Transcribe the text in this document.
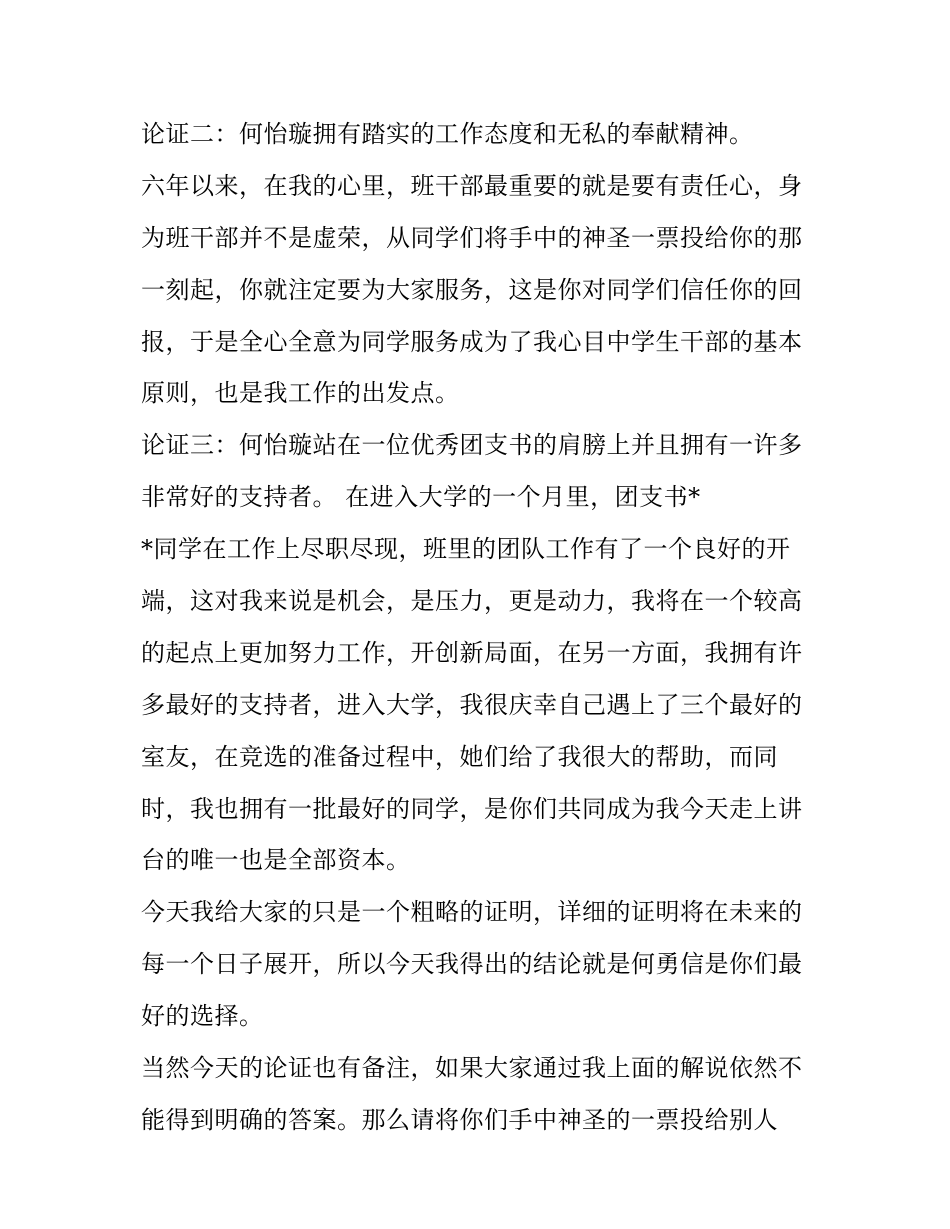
论证二：何怡璇拥有踏实的工作态度和无私的奉献精神。
六年以来，在我的心里，班干部最重要的就是要有责任心，身
为班干部并不是虚荣，从同学们将手中的神圣一票投给你的那
一刻起，你就注定要为大家服务，这是你对同学们信任你的回
报，于是全心全意为同学服务成为了我心目中学生干部的基本
原则，也是我工作的出发点。
论证三：何怡璇站在一位优秀团支书的肩膀上并且拥有一许多
非常好的支持者。 在进入大学的一个月里，团支书*
*同学在工作上尽职尽现，班里的团队工作有了一个良好的开
端，这对我来说是机会，是压力，更是动力，我将在一个较高
的起点上更加努力工作，开创新局面，在另一方面，我拥有许
多最好的支持者，进入大学，我很庆幸自己遇上了三个最好的
室友，在竞选的准备过程中，她们给了我很大的帮助，而同
时，我也拥有一批最好的同学，是你们共同成为我今天走上讲
台的唯一也是全部资本。
今天我给大家的只是一个粗略的证明，详细的证明将在未来的
每一个日子展开，所以今天我得出的结论就是何勇信是你们最
好的选择。
当然今天的论证也有备注，如果大家通过我上面的解说依然不
能得到明确的答案。那么请将你们手中神圣的一票投给别人
